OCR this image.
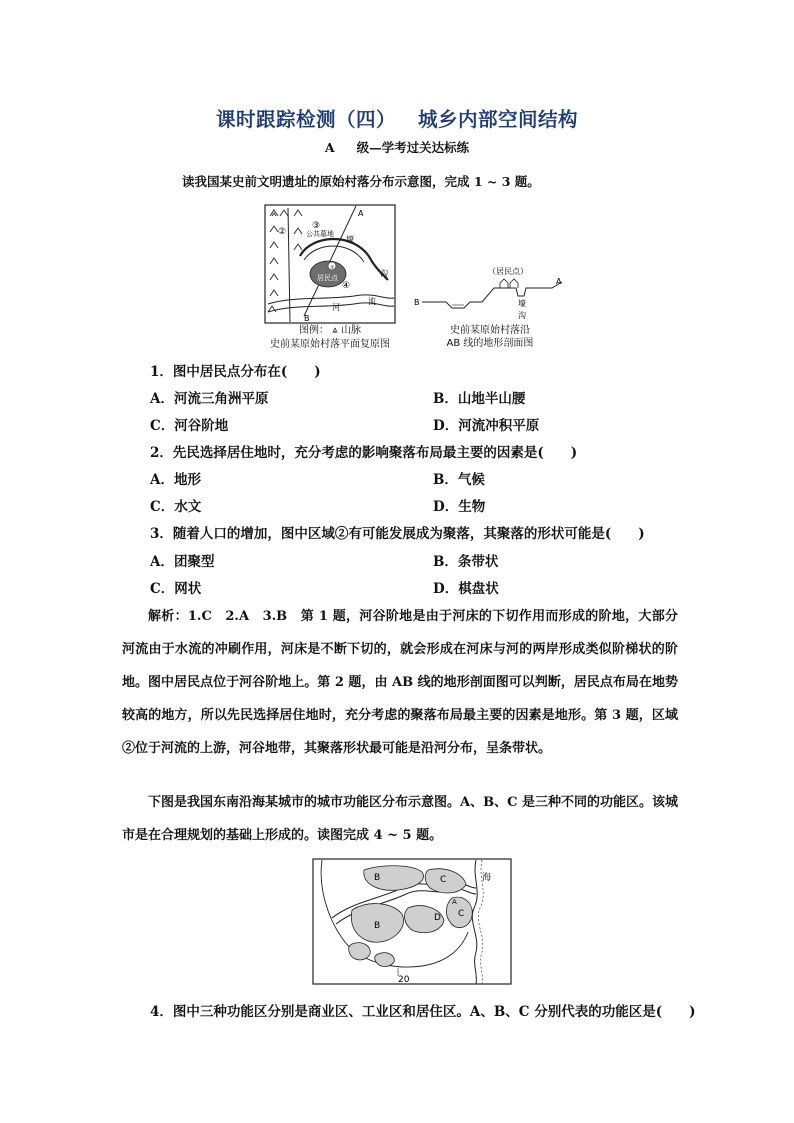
课时跟踪检测（四） 城乡内部空间结构
A 级—学考过关达标练
读我国某史前文明遗址的原始村落分布示意图，完成 1 ~ 3 题。
A
B
②
③
公共墓地
①
居民点
④
壕
沟
河
流
图例： ⩓ 山脉
史前某原始村落平面复原图
（居民点）
A
B	壕
沟
史前某原始村落沿
AB 线的地形剖面图
1．图中居民点分布在(　　)
A．河流三角洲平原	B．山地半山腰
C．河谷阶地	D．河流冲积平原
2．先民选择居住地时，充分考虑的影响聚落布局最主要的因素是(　　)
A．地形	B．气候
C．水文	D．生物
3．随着人口的增加，图中区域②有可能发展成为聚落，其聚落的形状可能是(　　)
A．团聚型	B．条带状
C．网状	D．棋盘状
解析：1.C　2.A　3.B　第 1 题，河谷阶地是由于河床的下切作用而形成的阶地，大部分河流由于水流的冲刷作用，河床是不断下切的，就会形成在河床与河的两岸形成类似阶梯状的阶地。图中居民点位于河谷阶地上。第 2 题，由 AB 线的地形剖面图可以判断，居民点布局在地势较高的地方，所以先民选择居住地时，充分考虑的聚落布局最主要的因素是地形。第 3 题，区域②位于河流的上游，河谷地带，其聚落形状最可能是沿河分布，呈条带状。
下图是我国东南沿海某城市的城市功能区分布示意图。A、B、C 是三种不同的功能区。该城市是在合理规划的基础上形成的。读图完成 4 ~ 5 题。
B
B
C
C
D
A
海
20
4．图中三种功能区分别是商业区、工业区和居住区。A、B、C 分别代表的功能区是(　　)
